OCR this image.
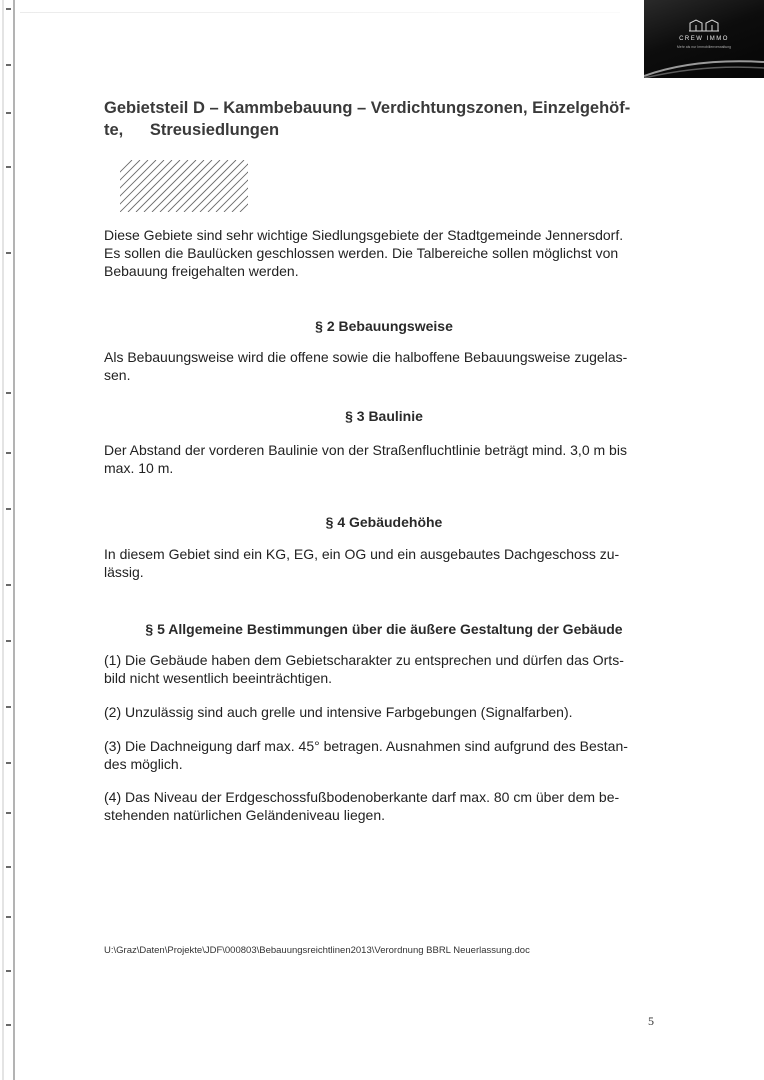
CREW IMMO
Mehr als nur Immobilienverwaltung
Gebietsteil D – Kammbebauung – Verdichtungszonen, Einzelgehöf-
te, Streusiedlungen

Diese Gebiete sind sehr wichtige Siedlungsgebiete der Stadtgemeinde Jennersdorf.
Es sollen die Baulücken geschlossen werden. Die Talbereiche sollen möglichst von
Bebauung freigehalten werden.

§ 2 Bebauungsweise

Als Bebauungsweise wird die offene sowie die halboffene Bebauungsweise zugelas-
sen.

§ 3 Baulinie

Der Abstand der vorderen Baulinie von der Straßenfluchtlinie beträgt mind. 3,0 m bis
max. 10 m.

§ 4 Gebäudehöhe

In diesem Gebiet sind ein KG, EG, ein OG und ein ausgebautes Dachgeschoss zu-
lässig.

§ 5 Allgemeine Bestimmungen über die äußere Gestaltung der Gebäude

(1) Die Gebäude haben dem Gebietscharakter zu entsprechen und dürfen das Orts-
bild nicht wesentlich beeinträchtigen.

(2) Unzulässig sind auch grelle und intensive Farbgebungen (Signalfarben).

(3) Die Dachneigung darf max. 45° betragen. Ausnahmen sind aufgrund des Bestan-
des möglich.

(4) Das Niveau der Erdgeschossfußbodenoberkante darf max. 80 cm über dem be-
stehenden natürlichen Geländeniveau liegen.

U:\Graz\Daten\Projekte\JDF\000803\Bebauungsreichtlinen2013\Verordnung BBRL Neuerlassung.doc
5
